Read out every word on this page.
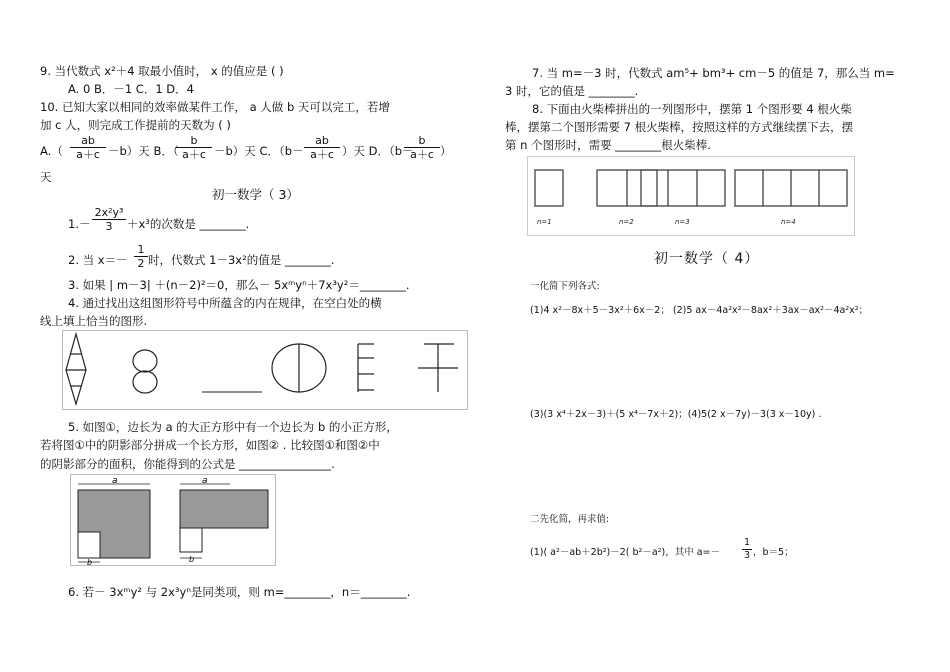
9. 当代数式 x²＋4 取最小值时， x 的值应是 ( )
A. 0 B．－1 C．1 D．4
10. 已知大家以相同的效率做某件工作， a 人做 b 天可以完工，若增
加 c 人，则完成工作提前的天数为 ( )
$A.( \frac{ab}{a+c} -b)$天 B．（
$\frac{b}{a+c} -b$）天 C．（$b- \frac{ab}{a+c}$ ）天 D．（b－
$\frac{b}{a+c}$ ）
天
初一数学（ 3）
$1.- \frac{\text{2x²y³}}{3} +x^3$的次数是 ________.
2. 当 $x=- \frac{1}{2}$ 时，代数式 1－3x²的值是 ________.
3. 如果 | m－3| ＋(n－2)²＝0，那么－ 5xᵐyⁿ＋7x³y²＝________.
4. 通过找出这组图形符号中所蕴含的内在规律，在空白处的横
线上填上恰当的图形.
5. 如图①，边长为 a 的大正方形中有一个边长为 b 的小正方形，
若将图①中的阴影部分拼成一个长方形，如图② . 比较图①和图②中
的阴影部分的面积，你能得到的公式是 ________________.
a
b
a
b
6. 若－ 3xᵐy² 与 2x³yⁿ是同类项，则 m=________，n＝________.
7. 当 m=－3 时，代数式 am⁵+ bm³+ cm－5 的值是 7，那么当 m=
3 时，它的值是 ________.
8. 下面由火柴棒拼出的一列图形中，摆第 1 个图形要 4 根火柴
棒，摆第二个图形需要 7 根火柴棒，按照这样的方式继续摆下去，摆
第 n 个图形时，需要 ________根火柴棒.
n=1	n=2	n=3	n=4
初一数学（ 4）
一化简下列各式:
(1)4 x²－8x＋5－3x²＋6x－2； (2)5 ax－4a²x²－8ax²＋3ax－ax²－4a²x²；
(3)(3 x⁴＋2x－3)＋(5 x⁴－7x＋2)；(4)5(2 x－7y)－3(3 x－10y) .
二先化简，再求值:
(1)( a²－ab＋2b²)－2( b²－a²)，其中 $a=- \frac{1}{3}$ ，b＝5；
